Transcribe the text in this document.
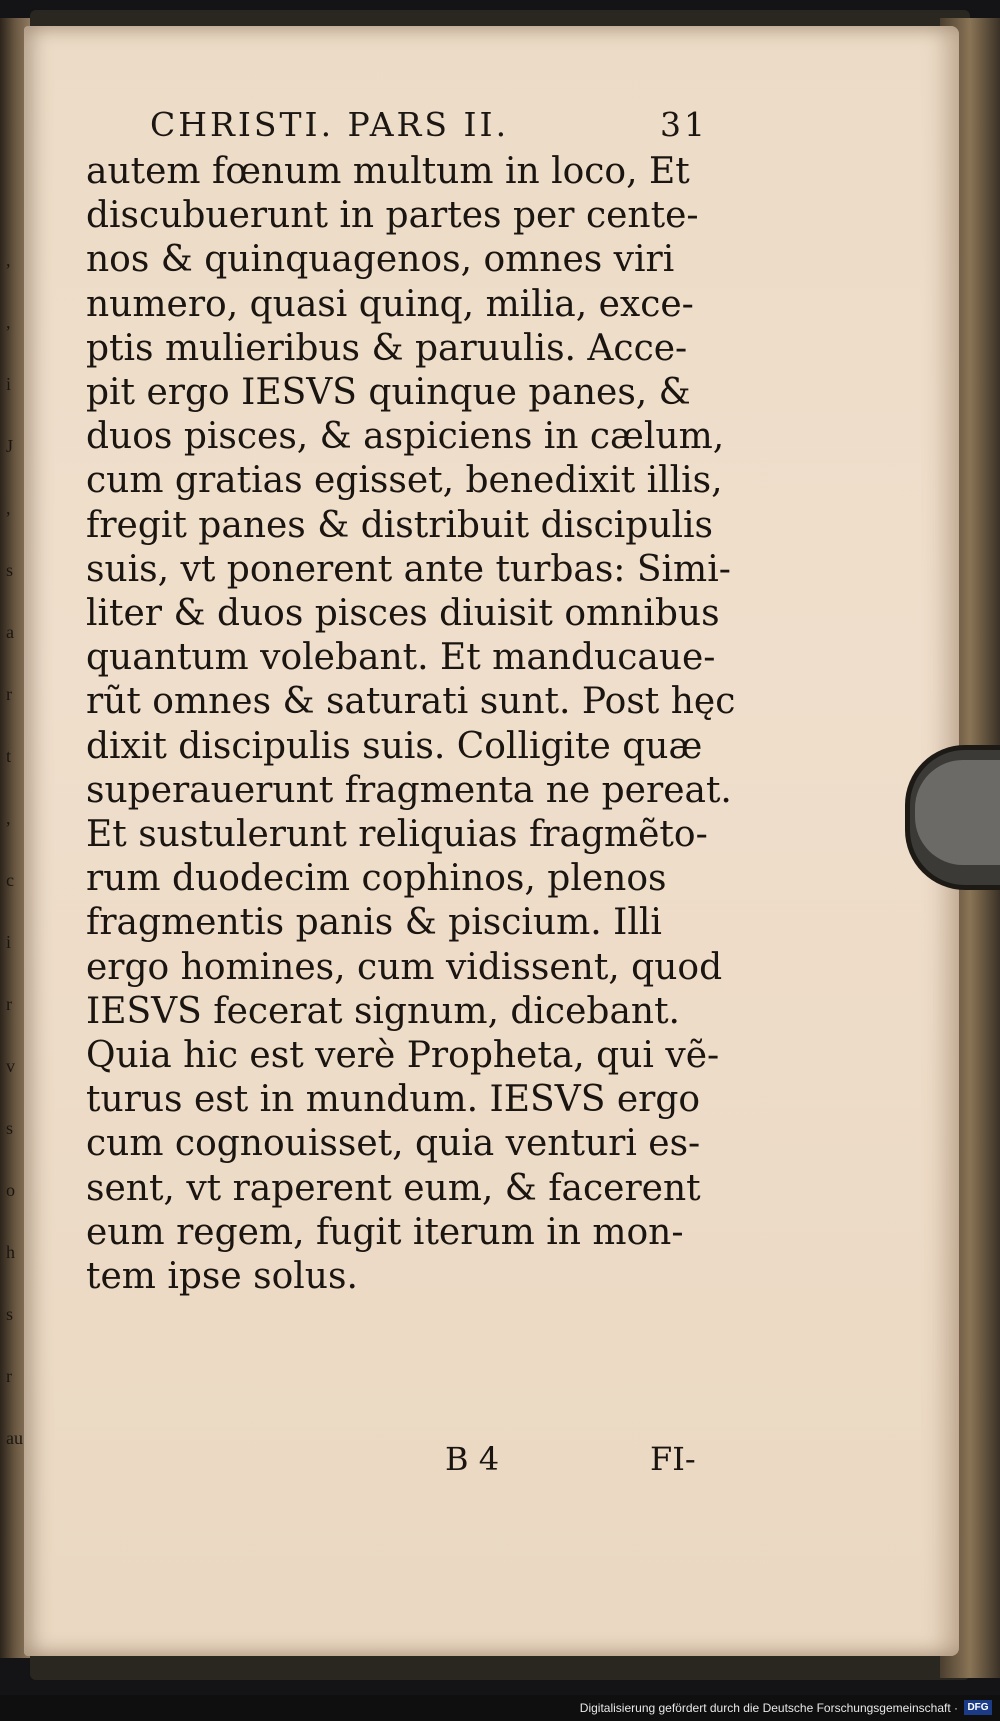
,
,
i
J
,
s
a
r
t
,
c
i
r
v
s
o
h
s
r
au
CHRISTI. PARS II.	31
autem fœnum multum in loco, Et
discubuerunt in partes per cente-
nos & quinquagenos, omnes viri
numero, quasi quinq, milia, exce-
ptis mulieribus & paruulis. Acce-
pit ergo IESVS quinque panes, &
duos pisces, & aspiciens in cælum,
cum gratias egisset, benedixit illis,
fregit panes & distribuit discipulis
suis, vt ponerent ante turbas: Simi-
liter & duos pisces diuisit omnibus
quantum volebant. Et manducaue-
rũt omnes & saturati sunt. Post hęc
dixit discipulis suis. Colligite quæ
superauerunt fragmenta ne pereat.
Et sustulerunt reliquias fragmẽto-
rum duodecim cophinos, plenos
fragmentis panis & piscium. Illi
ergo homines, cum vidissent, quod
IESVS fecerat signum, dicebant.
Quia hic est verè Propheta, qui vẽ-
turus est in mundum. IESVS ergo
cum cognouisset, quia venturi es-
sent, vt raperent eum, & facerent
eum regem, fugit iterum in mon-
tem ipse solus.
B 4	FI-
Digitalisierung gefördert durch die Deutsche Forschungsgemeinschaft · DFG
